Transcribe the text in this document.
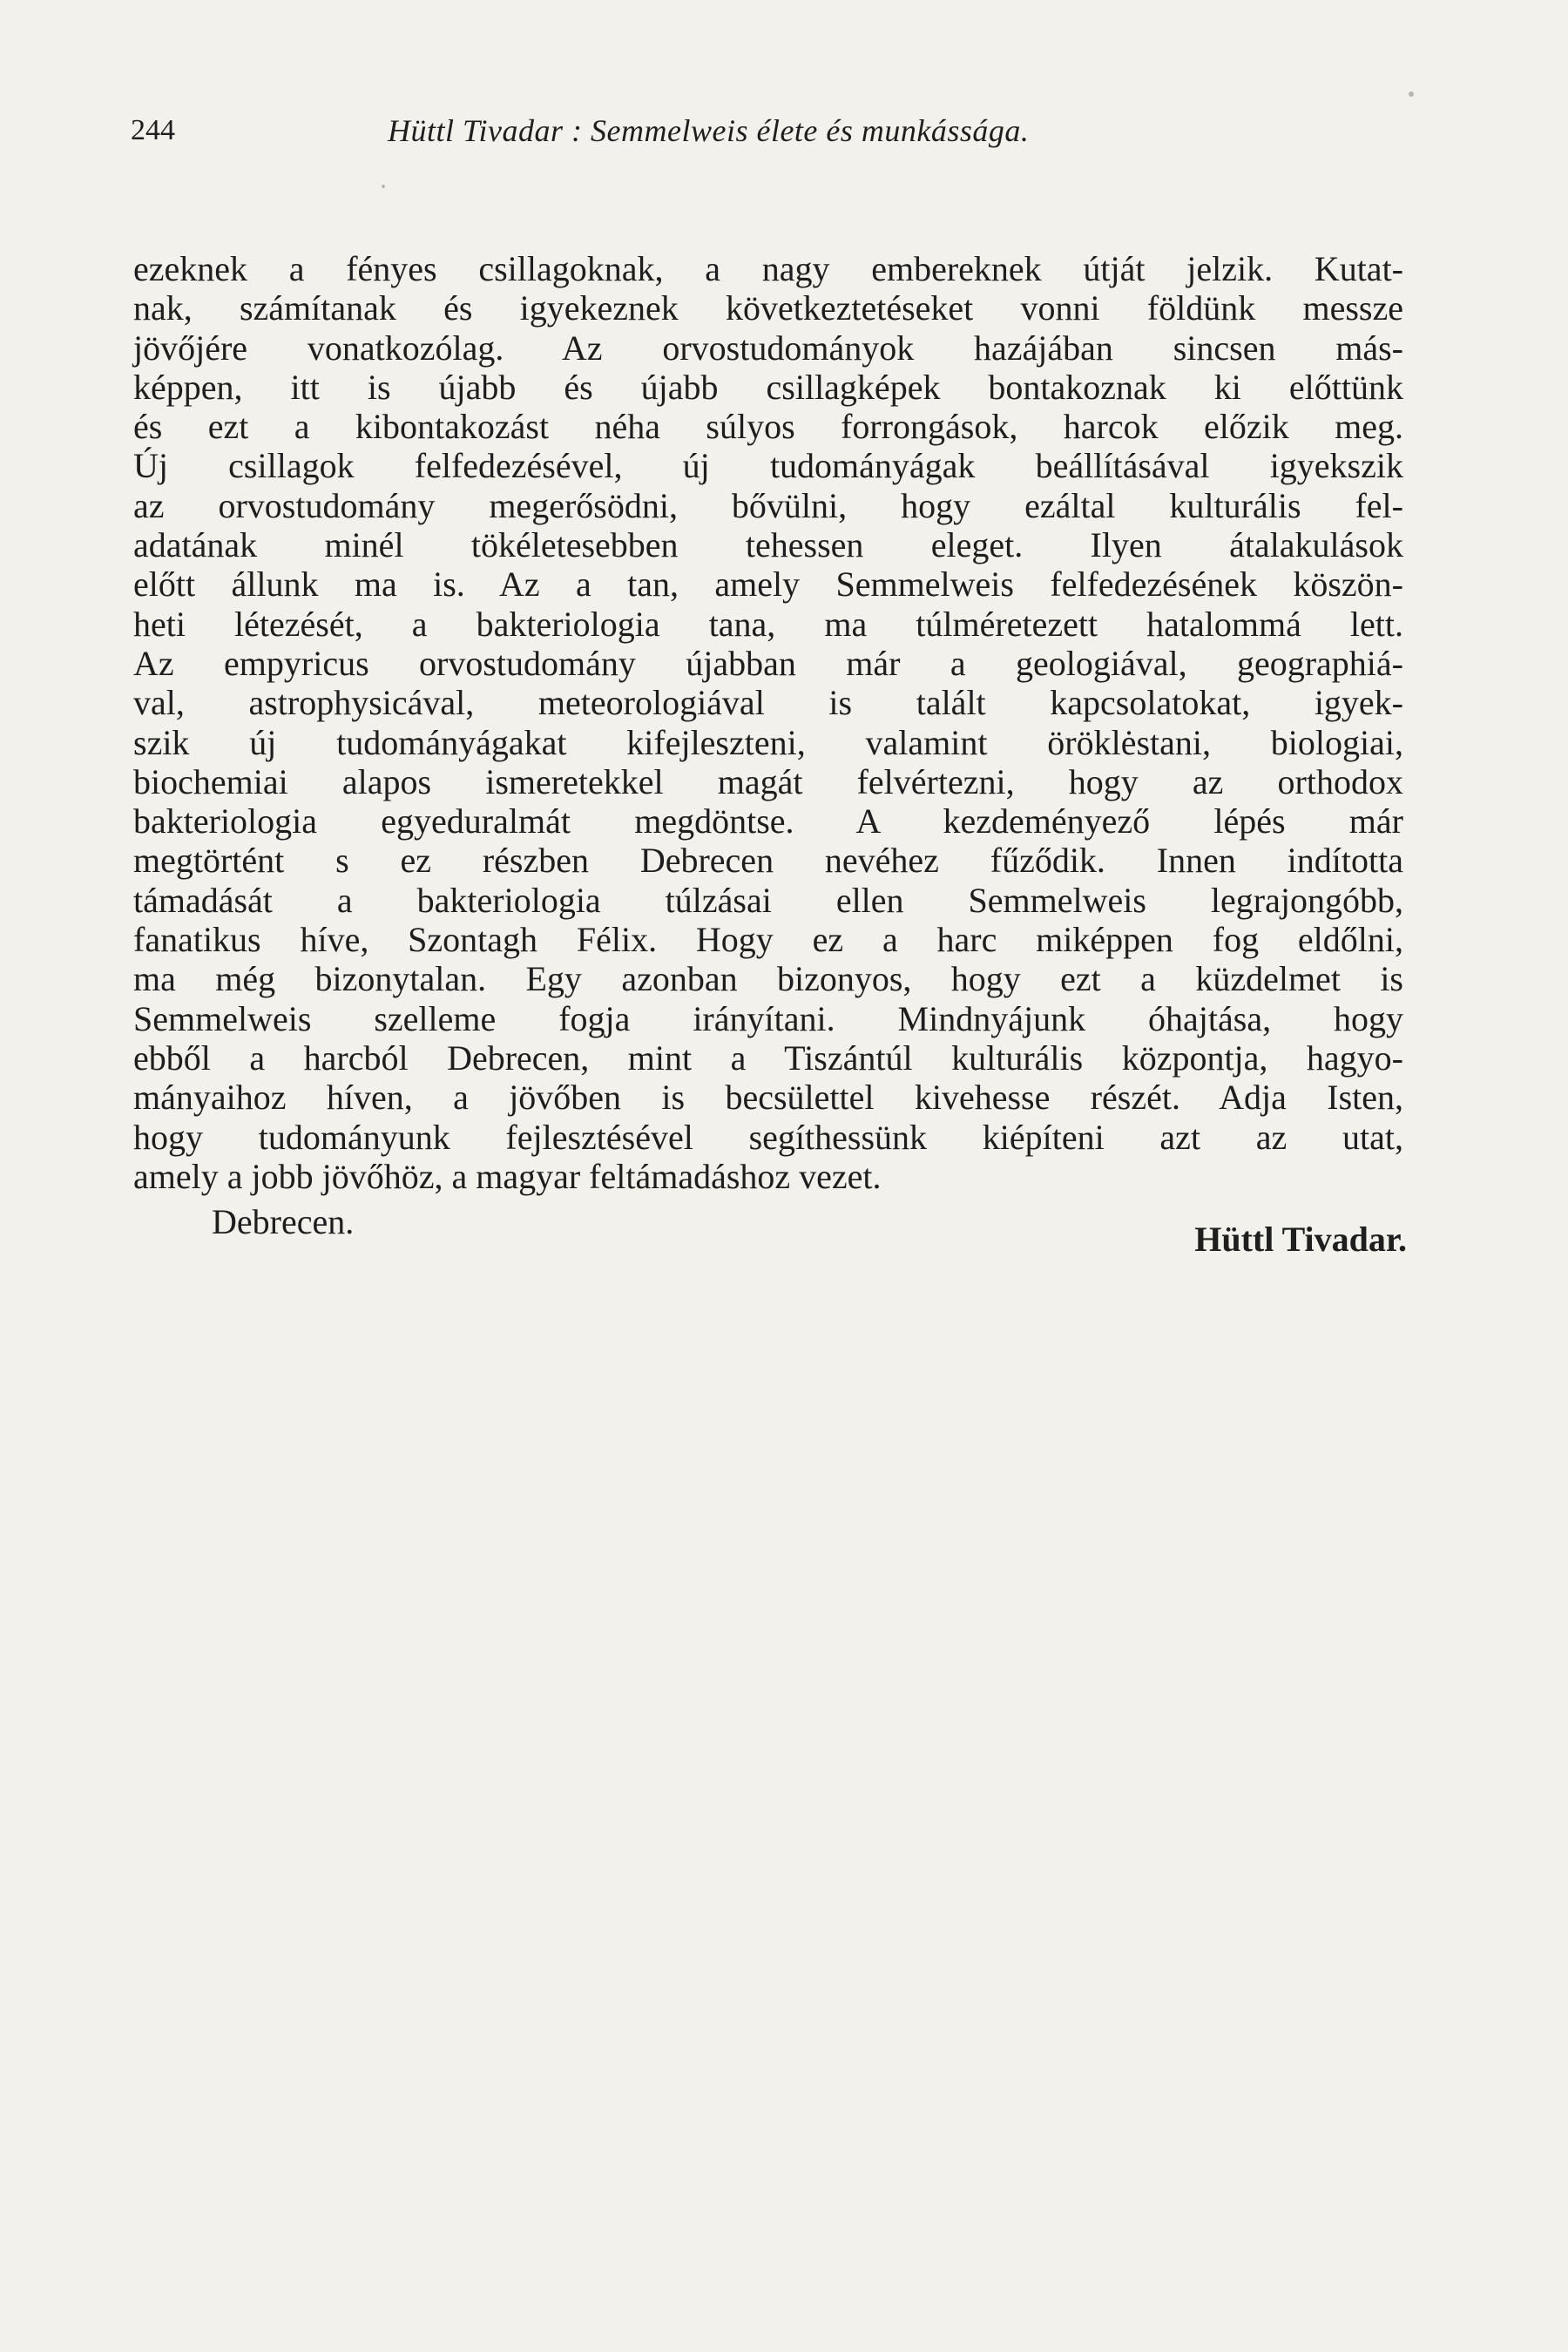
244	Hüttl Tivadar : Semmelweis élete és munkássága.
ezeknek a fényes csillagoknak, a nagy embereknek útját jelzik. Kutat-
nak, számítanak és igyekeznek következtetéseket vonni földünk messze
jövőjére vonatkozólag. Az orvostudományok hazájában sincsen más-
képpen, itt is újabb és újabb csillagképek bontakoznak ki előttünk
és ezt a kibontakozást néha súlyos forrongások, harcok előzik meg.
Új csillagok felfedezésével, új tudományágak beállításával igyekszik
az orvostudomány megerősödni, bővülni, hogy ezáltal kulturális fel-
adatának minél tökéletesebben tehessen eleget. Ilyen átalakulások
előtt állunk ma is. Az a tan, amely Semmelweis felfedezésének köszön-
heti létezését, a bakteriologia tana, ma túlméretezett hatalommá lett.
Az empyricus orvostudomány újabban már a geologiával, geographiá-
val, astrophysicával, meteorologiával is talált kapcsolatokat, igyek-
szik új tudományágakat kifejleszteni, valamint öröklėstani, biologiai,
biochemiai alapos ismeretekkel magát felvértezni, hogy az orthodox
bakteriologia egyeduralmát megdöntse. A kezdeményező lépés már
megtörtént s ez részben Debrecen nevéhez fűződik. Innen indította
támadását a bakteriologia túlzásai ellen Semmelweis legrajongóbb,
fanatikus híve, Szontagh Félix. Hogy ez a harc miképpen fog eldőlni,
ma még bizonytalan. Egy azonban bizonyos, hogy ezt a küzdelmet is
Semmelweis szelleme fogja irányítani. Mindnyájunk óhajtása, hogy
ebből a harcból Debrecen, mint a Tiszántúl kulturális központja, hagyo-
mányaihoz híven, a jövőben is becsülettel kivehesse részét. Adja Isten,
hogy tudományunk fejlesztésével segíthessünk kiépíteni azt az utat,
amely a jobb jövőhöz, a magyar feltámadáshoz vezet.
Debrecen.	Hüttl Tivadar.
